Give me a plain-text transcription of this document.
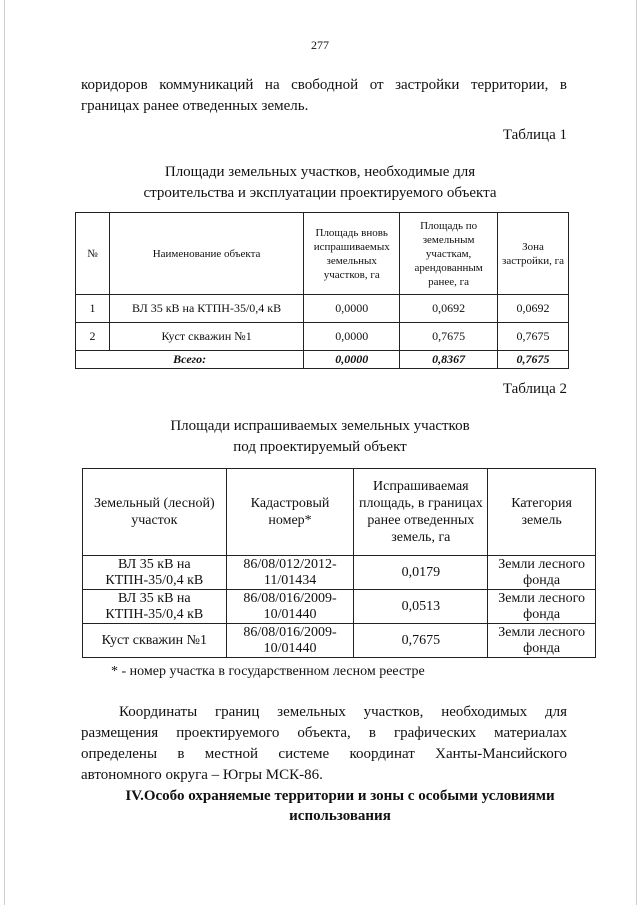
277
коридоров коммуникаций на свободной от застройки территории, в
границах ранее отведенных земель.
Таблица 1
Площади земельных участков, необходимые для
строительства и эксплуатации проектируемого объекта
№	Наименование объекта	Площадь вновь испрашиваемых земельных участков, га	Площадь по земельным участкам, арендованным ранее, га	Зона застройки, га
1	ВЛ 35 кВ на КТПН-35/0,4 кВ	0,0000	0,0692	0,0692
2	Куст скважин №1	0,0000	0,7675	0,7675
Всего:		0,0000	0,8367	0,7675
Таблица 2
Площади испрашиваемых земельных участков
под проектируемый объект
Земельный (лесной) участок	Кадастровый номер*	Испрашиваемая площадь, в границах ранее отведенных земель, га	Категория земель
ВЛ 35 кВ на КТПН-35/0,4 кВ	86/08/012/2012-11/01434	0,0179	Земли лесного фонда
ВЛ 35 кВ на КТПН-35/0,4 кВ	86/08/016/2009-10/01440	0,0513	Земли лесного фонда
Куст скважин №1	86/08/016/2009-10/01440	0,7675	Земли лесного фонда
* - номер участка в государственном лесном реестре
Координаты границ земельных участков, необходимых для
размещения проектируемого объекта, в графических материалах
определены в местной системе координат Ханты-Мансийского
автономного округа – Югры МСК-86.
IV.Особо охраняемые территории и зоны с особыми условиями
использования
